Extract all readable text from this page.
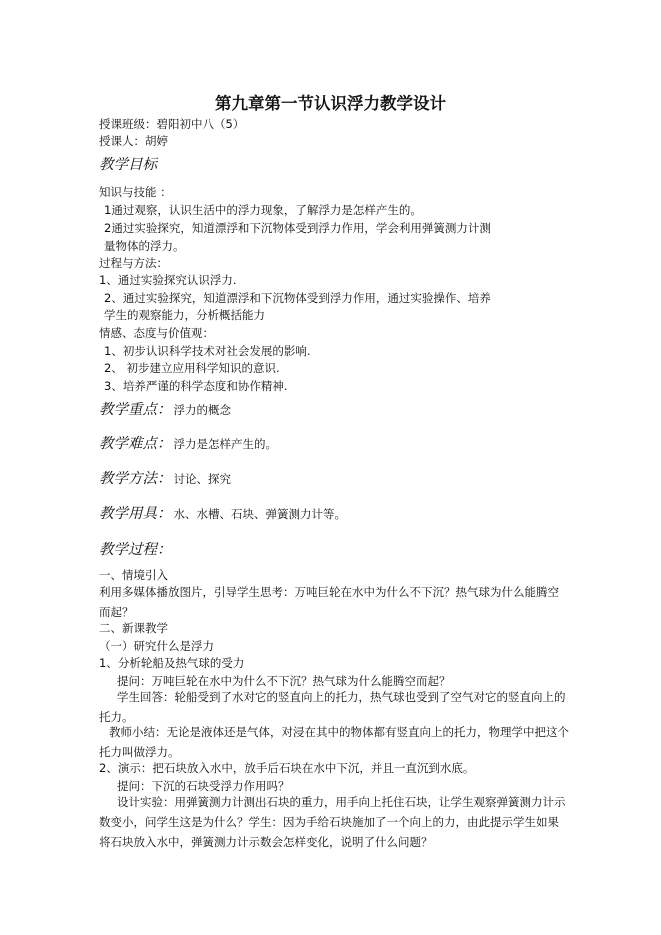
第九章第一节认识浮力教学设计
授课班级：碧阳初中八（5）
授课人：胡婷
教学目标
知识与技能 ：
1通过观察，认识生活中的浮力现象，了解浮力是怎样产生的。
2通过实验探究，知道漂浮和下沉物体受到浮力作用，学会利用弹簧测力计测
量物体的浮力。
过程与方法：
1、通过实验探究认识浮力.
2、通过实验探究，知道漂浮和下沉物体受到浮力作用，通过实验操作、培养
学生的观察能力，分析概括能力
情感、态度与价值观：
1、初步认识科学技术对社会发展的影响.
2、 初步建立应用科学知识的意识.
3、培养严谨的科学态度和协作精神.
教学重点： 浮力的概念
教学难点： 浮力是怎样产生的。
教学方法： 讨论、探究
教学用具： 水、水槽、石块、弹簧测力计等。
教学过程：
一、情境引入
利用多媒体播放图片，引导学生思考：万吨巨轮在水中为什么不下沉？热气球为什么能腾空而起？
二、新课教学
（一）研究什么是浮力
1、分析轮船及热气球的受力
提问：万吨巨轮在水中为什么不下沉？热气球为什么能腾空而起？
学生回答：轮船受到了水对它的竖直向上的托力，热气球也受到了空气对它的竖直向上的托力。
教师小结：无论是液体还是气体，对浸在其中的物体都有竖直向上的托力，物理学中把这个托力叫做浮力。
2、演示：把石块放入水中，放手后石块在水中下沉，并且一直沉到水底。
提问：下沉的石块受浮力作用吗？
设计实验：用弹簧测力计测出石块的重力，用手向上托住石块，让学生观察弹簧测力计示数变小，问学生这是为什么？学生：因为手给石块施加了一个向上的力，由此提示学生如果将石块放入水中，弹簧测力计示数会怎样变化，说明了什么问题？
